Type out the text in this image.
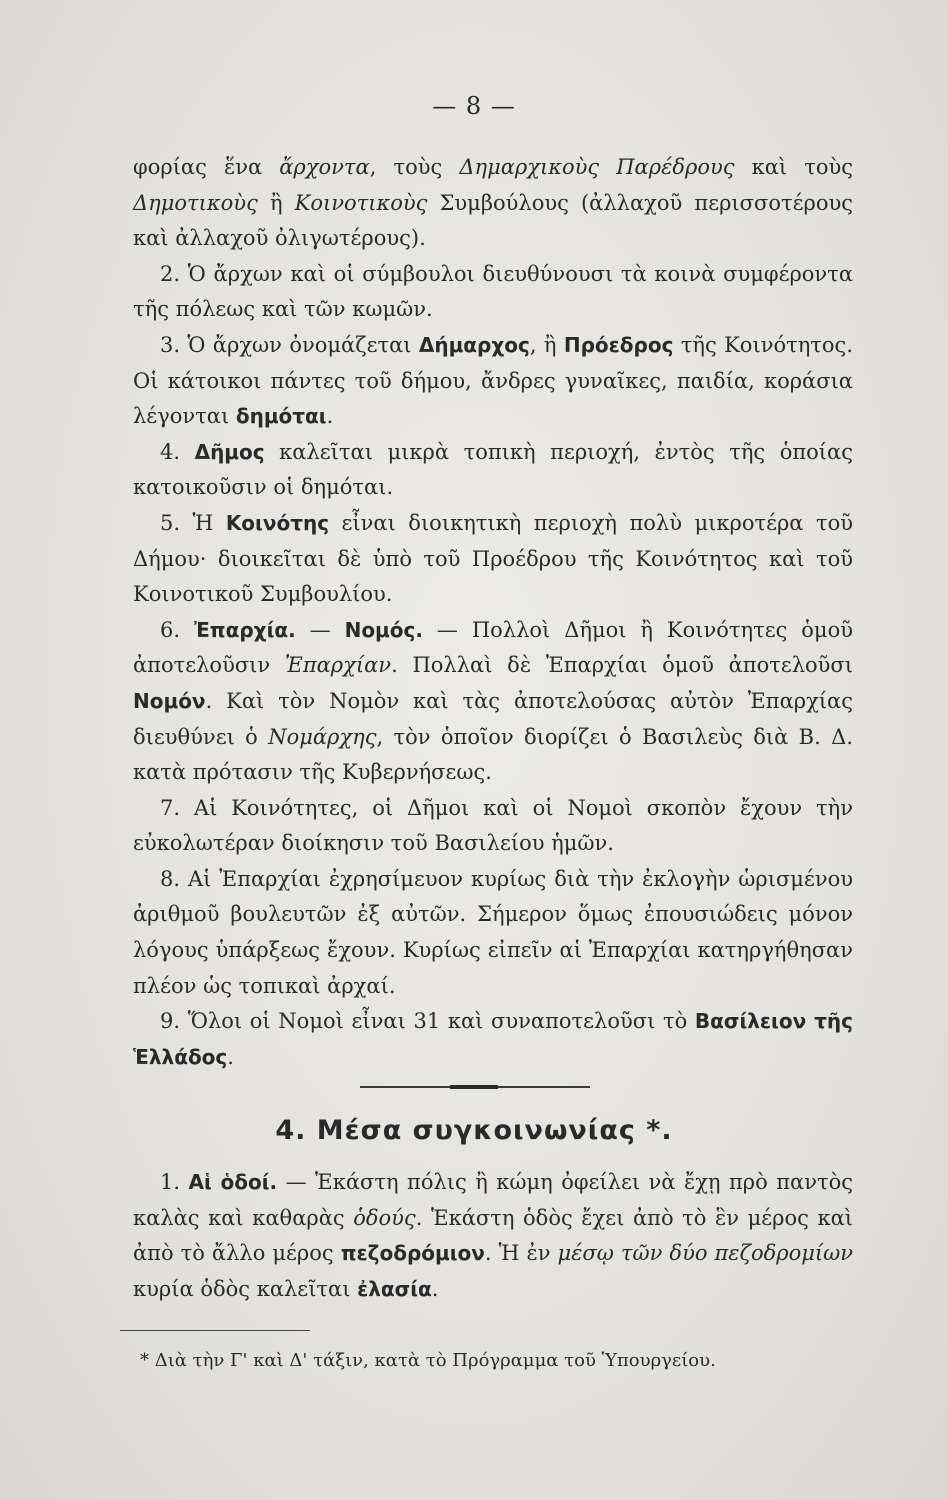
— 8 —

φορίας ἕνα ἄρχοντα, τοὺς Δημαρχικοὺς Παρέδρους καὶ τοὺς Δημοτικοὺς ἢ Κοινοτικοὺς Συμβούλους (ἀλλαχοῦ περισσοτέρους καὶ ἀλλαχοῦ ὀλιγωτέρους).

2. Ὁ ἄρχων καὶ οἱ σύμβουλοι διευθύνουσι τὰ κοινὰ συμφέροντα τῆς πόλεως καὶ τῶν κωμῶν.

3. Ὁ ἄρχων ὀνομάζεται Δήμαρχος, ἢ Πρόεδρος τῆς Κοινότητος. Οἱ κάτοικοι πάντες τοῦ δήμου, ἄνδρες γυναῖκες, παιδία, κοράσια λέγονται δημόται.

4. Δῆμος καλεῖται μικρὰ τοπικὴ περιοχή, ἐντὸς τῆς ὁποίας κατοικοῦσιν οἱ δημόται.

5. Ἡ Κοινότης εἶναι διοικητικὴ περιοχὴ πολὺ μικροτέρα τοῦ Δήμου· διοικεῖται δὲ ὑπὸ τοῦ Προέδρου τῆς Κοινότητος καὶ τοῦ Κοινοτικοῦ Συμβουλίου.

6. Ἐπαρχία. — Νομός. — Πολλοὶ Δῆμοι ἢ Κοινότητες ὁμοῦ ἀποτελοῦσιν Ἐπαρχίαν. Πολλαὶ δὲ Ἐπαρχίαι ὁμοῦ ἀποτελοῦσι Νομόν. Καὶ τὸν Νομὸν καὶ τὰς ἀποτελούσας αὐτὸν Ἐπαρχίας διευθύνει ὁ Νομάρχης, τὸν ὁποῖον διορίζει ὁ Βασιλεὺς διὰ Β. Δ. κατὰ πρότασιν τῆς Κυβερνήσεως.

7. Αἱ Κοινότητες, οἱ Δῆμοι καὶ οἱ Νομοὶ σκοπὸν ἔχουν τὴν εὐκολωτέραν διοίκησιν τοῦ Βασιλείου ἡμῶν.

8. Αἱ Ἐπαρχίαι ἐχρησίμευον κυρίως διὰ τὴν ἐκλογὴν ὡρισμένου ἀριθμοῦ βουλευτῶν ἐξ αὐτῶν. Σήμερον ὅμως ἐπουσιώδεις μόνον λόγους ὑπάρξεως ἔχουν. Κυρίως εἰπεῖν αἱ Ἐπαρχίαι κατηργήθησαν πλέον ὡς τοπικαὶ ἀρχαί.

9. Ὅλοι οἱ Νομοὶ εἶναι 31 καὶ συναποτελοῦσι τὸ Βασίλειον τῆς Ἑλλάδος.

4. Μέσα συγκοινωνίας *.

1. Αἱ ὁδοί. — Ἑκάστη πόλις ἢ κώμη ὀφείλει νὰ ἔχῃ πρὸ παντὸς καλὰς καὶ καθαρὰς ὁδούς. Ἑκάστη ὁδὸς ἔχει ἀπὸ τὸ ἓν μέρος καὶ ἀπὸ τὸ ἄλλο μέρος πεζοδρόμιον. Ἡ ἐν μέσῳ τῶν δύο πεζοδρομίων κυρία ὁδὸς καλεῖται ἐλασία.

* Διὰ τὴν Γ' καὶ Δ' τάξιν, κατὰ τὸ Πρόγραμμα τοῦ Ὑπουργείου.
